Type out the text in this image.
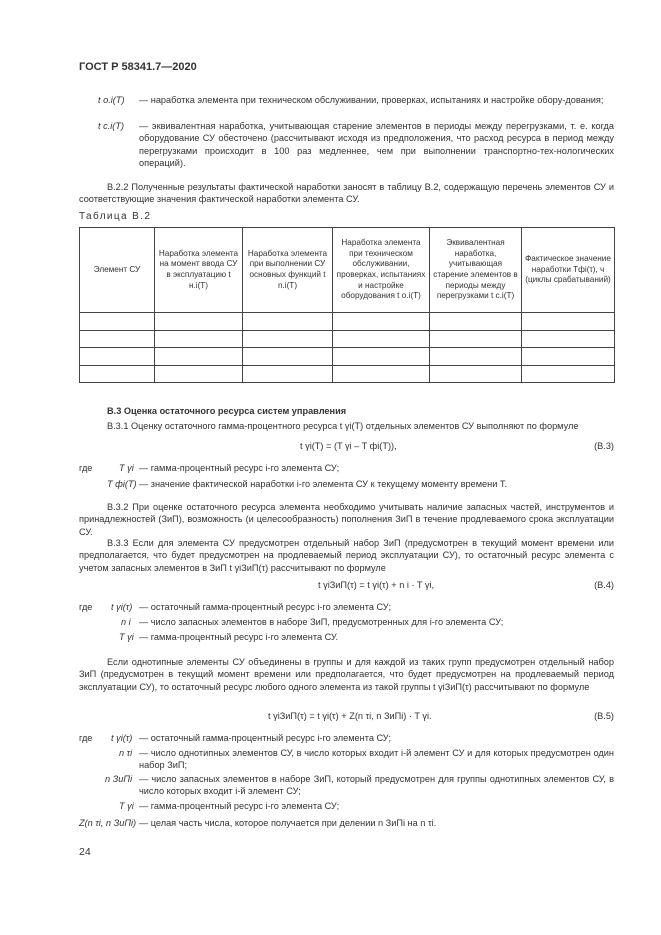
ГОСТ Р 58341.7—2020
t o.i(T) — наработка элемента при техническом обслуживании, проверках, испытаниях и настройке обору-дования;
t c.i(T) — эквивалентная наработка, учитывающая старение элементов в периоды между перегрузками, т. е. когда оборудование СУ обесточено (рассчитывают исходя из предположения, что расход ресурса в период между перегрузками происходит в 100 раз медленнее, чем при выполнении транспортно-тех-нологических операций).
В.2.2 Полученные результаты фактической наработки заносят в таблицу В.2, содержащую перечень элементов СУ и соответствующие значения фактической наработки элемента СУ.
Таблица В.2
Элемент СУ	Наработка элемента на момент ввода СУ в эксплуатацию t н.i(T)	Наработка элемента при выполнении СУ основных функций t n.i(T)	Наработка элемента при техническом обслуживании, проверках, испытаниях и настройке оборудования t o.i(T)	Эквивалентная наработка, учитывающая старение элементов в периоды между перегрузками t c.i(T)	Фактическое значение наработки Tфi(τ), ч (циклы срабатываний)

В.3 Оценка остаточного ресурса систем управления
В.3.1 Оценку остаточного гамма-процентного ресурса t γi(T) отдельных элементов СУ выполняют по формуле
t γi(T) = (T γi – T фi(T)),	(В.3)
где	T γi — гамма-процентный ресурс i-го элемента СУ;
T фi(T) — значение фактической наработки i-го элемента СУ к текущему моменту времени T.
В.3.2 При оценке остаточного ресурса элемента необходимо учитывать наличие запасных частей, инструментов и принадлежностей (ЗиП), возможность (и целесообразность) пополнения ЗиП в течение продлеваемого срока эксплуатации СУ.
В.3.3 Если для элемента СУ предусмотрен отдельный набор ЗиП (предусмотрен в текущий момент времени или предполагается, что будет предусмотрен на продлеваемый период эксплуатации СУ), то остаточный ресурс элемента с учетом запасных элементов в ЗиП t γiЗиП(τ) рассчитывают по формуле
t γiЗиП(τ) = t γi(τ) + n i · T γi,	(В.4)
где t γi(τ) — остаточный гамма-процентный ресурс i-го элемента СУ;
n i — число запасных элементов в наборе ЗиП, предусмотренных для i-го элемента СУ;
T γi — гамма-процентный ресурс i-го элемента СУ.
Если однотипные элементы СУ объединены в группы и для каждой из таких групп предусмотрен отдельный набор ЗиП (предусмотрен в текущий момент времени или предполагается, что будет предусмотрен на продлеваемый период эксплуатации СУ), то остаточный ресурс любого одного элемента из такой группы t γiЗиП(τ) рассчитывают по формуле
t γiЗиП(τ) = t γi(τ) + Z(n τi, n ЗиПi) · T γi.	(В.5)
где t γi(τ) — остаточный гамма-процентный ресурс i-го элемента СУ;
n τi — число однотипных элементов СУ, в число которых входит i-й элемент СУ и для которых предусмотрен один набор ЗиП;
n ЗиПi — число запасных элементов в наборе ЗиП, который предусмотрен для группы однотипных элементов СУ, в число которых входит i-й элемент СУ;
T γi — гамма-процентный ресурс i-го элемента СУ;
Z(n τi, n ЗиПi) — целая часть числа, которое получается при делении n ЗиПi на n τi.
24
